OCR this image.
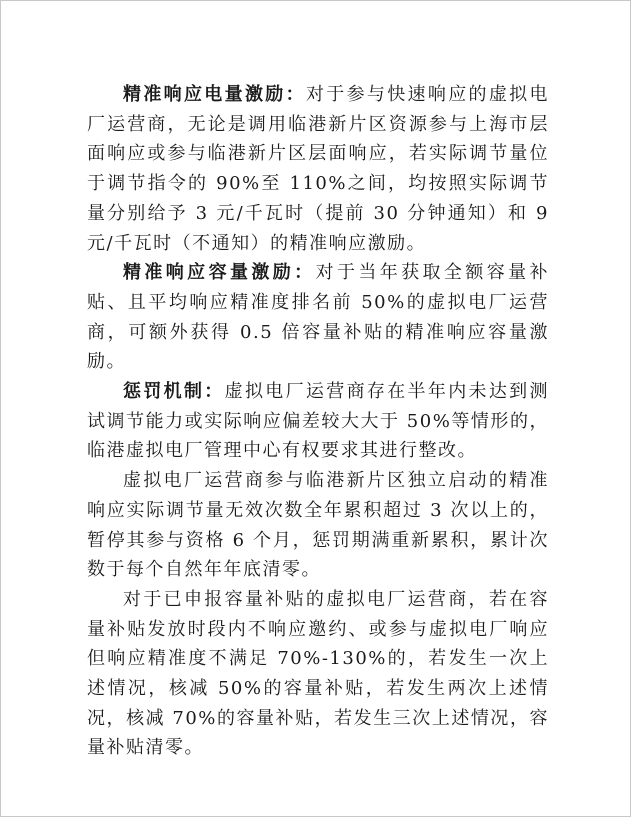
精准响应电量激励：对于参与快速响应的虚拟电厂运营商，无论是调用临港新片区资源参与上海市层面响应或参与临港新片区层面响应，若实际调节量位于调节指令的 90%至 110%之间，均按照实际调节量分别给予 3 元/千瓦时（提前 30 分钟通知）和 9 元/千瓦时（不通知）的精准响应激励。

精准响应容量激励：对于当年获取全额容量补贴、且平均响应精准度排名前 50%的虚拟电厂运营商，可额外获得 0.5 倍容量补贴的精准响应容量激励。

惩罚机制：虚拟电厂运营商存在半年内未达到测试调节能力或实际响应偏差较大大于 50%等情形的，临港虚拟电厂管理中心有权要求其进行整改。

虚拟电厂运营商参与临港新片区独立启动的精准响应实际调节量无效次数全年累积超过 3 次以上的，暂停其参与资格 6 个月，惩罚期满重新累积，累计次数于每个自然年年底清零。

对于已申报容量补贴的虚拟电厂运营商，若在容量补贴发放时段内不响应邀约、或参与虚拟电厂响应但响应精准度不满足 70%-130%的，若发生一次上述情况，核减 50%的容量补贴，若发生两次上述情况，核减 70%的容量补贴，若发生三次上述情况，容量补贴清零。
